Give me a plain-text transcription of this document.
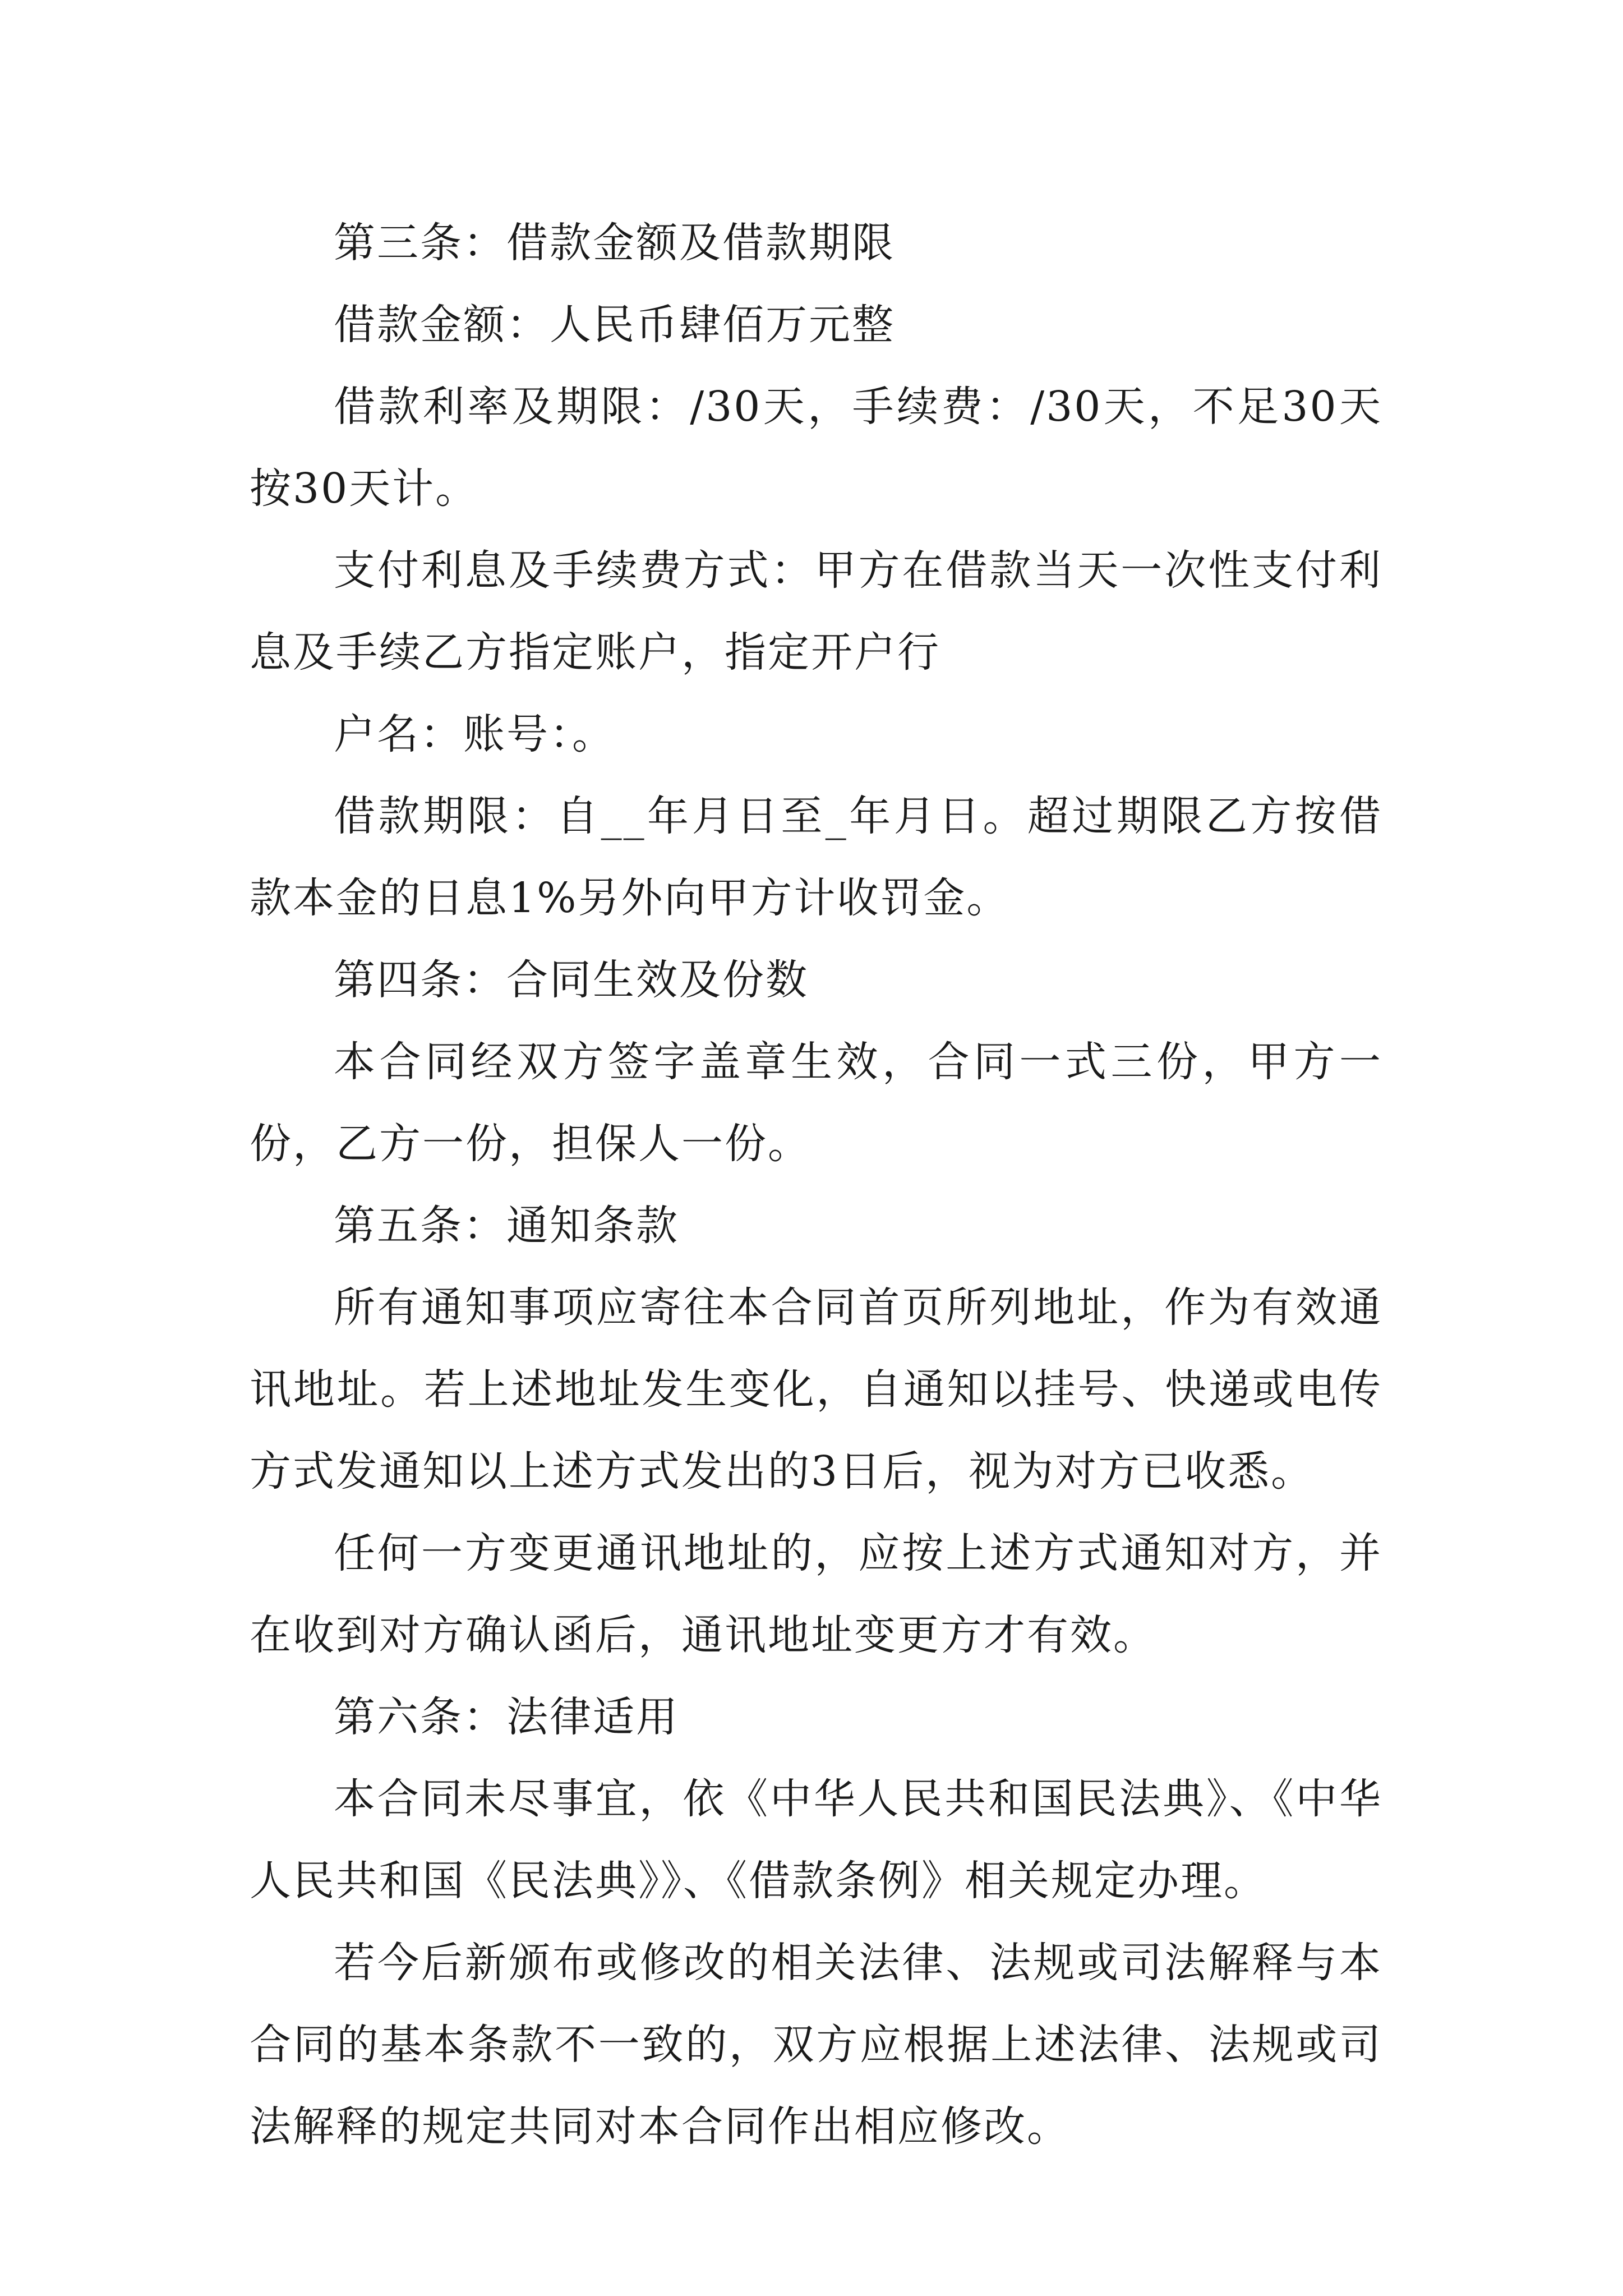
第三条：借款金额及借款期限

借款金额：人民币肆佰万元整

借款利率及期限：/30天，手续费：/30天，不足30天按30天计。

支付利息及手续费方式：甲方在借款当天一次性支付利息及手续乙方指定账户，指定开户行

户名：账号：。

借款期限：自__年月日至_年月日。超过期限乙方按借款本金的日息1%另外向甲方计收罚金。

第四条：合同生效及份数

本合同经双方签字盖章生效，合同一式三份，甲方一份，乙方一份，担保人一份。

第五条：通知条款

所有通知事项应寄往本合同首页所列地址，作为有效通讯地址。若上述地址发生变化，自通知以挂号、快递或电传方式发通知以上述方式发出的3日后，视为对方已收悉。

任何一方变更通讯地址的，应按上述方式通知对方，并在收到对方确认函后，通讯地址变更方才有效。

第六条：法律适用

本合同未尽事宜，依《中华人民共和国民法典》、《中华人民共和国《民法典》》、《借款条例》相关规定办理。

若今后新颁布或修改的相关法律、法规或司法解释与本合同的基本条款不一致的，双方应根据上述法律、法规或司法解释的规定共同对本合同作出相应修改。
